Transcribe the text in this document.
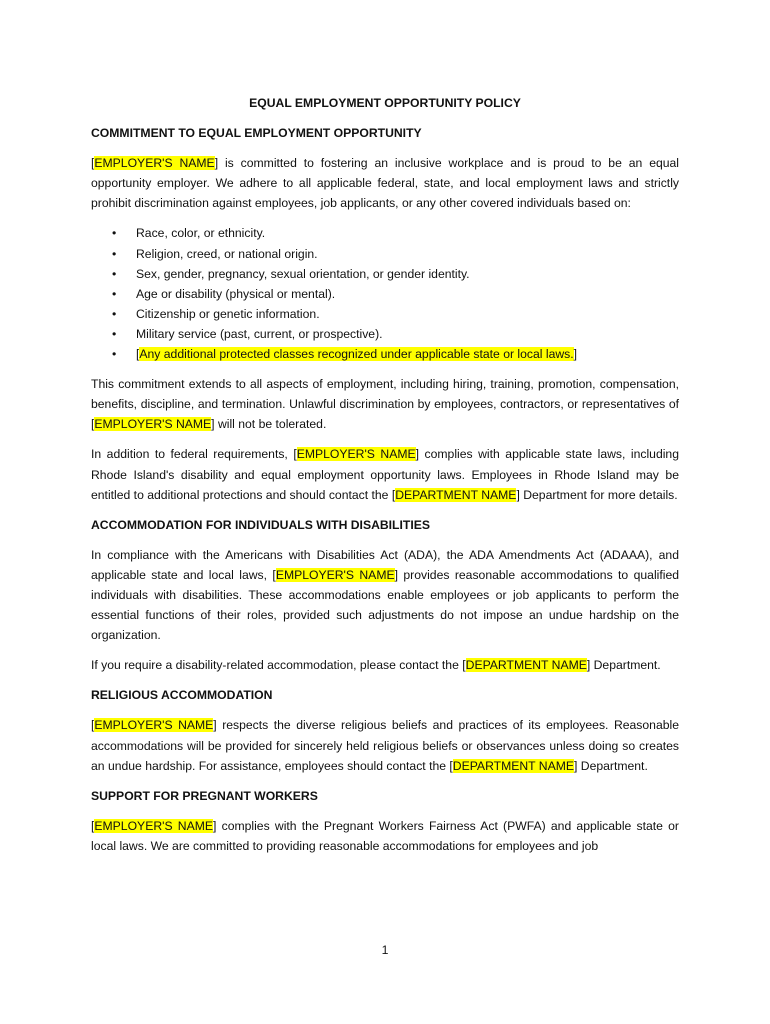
EQUAL EMPLOYMENT OPPORTUNITY POLICY
COMMITMENT TO EQUAL EMPLOYMENT OPPORTUNITY

[EMPLOYER'S NAME] is committed to fostering an inclusive workplace and is proud to be an equal opportunity employer. We adhere to all applicable federal, state, and local employment laws and strictly prohibit discrimination against employees, job applicants, or any other covered individuals based on:

• Race, color, or ethnicity.
• Religion, creed, or national origin.
• Sex, gender, pregnancy, sexual orientation, or gender identity.
• Age or disability (physical or mental).
• Citizenship or genetic information.
• Military service (past, current, or prospective).
• [Any additional protected classes recognized under applicable state or local laws.]

This commitment extends to all aspects of employment, including hiring, training, promotion, compensation, benefits, discipline, and termination. Unlawful discrimination by employees, contractors, or representatives of [EMPLOYER'S NAME] will not be tolerated.

In addition to federal requirements, [EMPLOYER'S NAME] complies with applicable state laws, including Rhode Island's disability and equal employment opportunity laws. Employees in Rhode Island may be entitled to additional protections and should contact the [DEPARTMENT NAME] Department for more details.

ACCOMMODATION FOR INDIVIDUALS WITH DISABILITIES

In compliance with the Americans with Disabilities Act (ADA), the ADA Amendments Act (ADAAA), and applicable state and local laws, [EMPLOYER'S NAME] provides reasonable accommodations to qualified individuals with disabilities. These accommodations enable employees or job applicants to perform the essential functions of their roles, provided such adjustments do not impose an undue hardship on the organization.

If you require a disability-related accommodation, please contact the [DEPARTMENT NAME] Department.

RELIGIOUS ACCOMMODATION

[EMPLOYER'S NAME] respects the diverse religious beliefs and practices of its employees. Reasonable accommodations will be provided for sincerely held religious beliefs or observances unless doing so creates an undue hardship. For assistance, employees should contact the [DEPARTMENT NAME] Department.

SUPPORT FOR PREGNANT WORKERS

[EMPLOYER'S NAME] complies with the Pregnant Workers Fairness Act (PWFA) and applicable state or local laws. We are committed to providing reasonable accommodations for employees and job

1
